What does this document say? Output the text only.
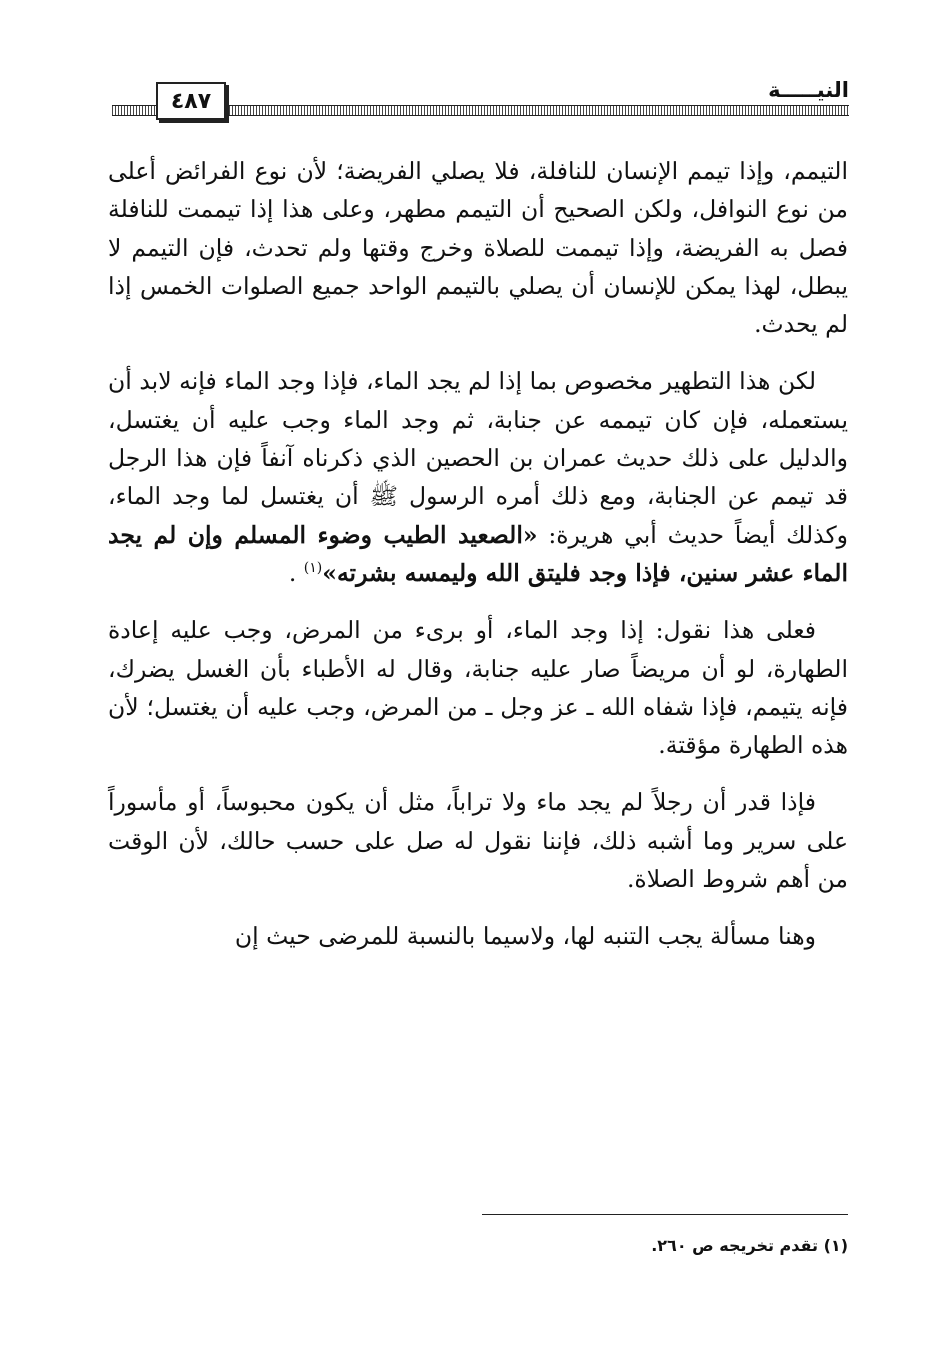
٤٨٧	النيـــــة

التيمم، وإذا تيمم الإنسان للنافلة، فلا يصلي الفريضة؛ لأن نوع الفرائض أعلى من نوع النوافل، ولكن الصحيح أن التيمم مطهر، وعلى هذا إذا تيممت للنافلة فصل به الفريضة، وإذا تيممت للصلاة وخرج وقتها ولم تحدث، فإن التيمم لا يبطل، لهذا يمكن للإنسان أن يصلي بالتيمم الواحد جميع الصلوات الخمس إذا لم يحدث.

لكن هذا التطهير مخصوص بما إذا لم يجد الماء، فإذا وجد الماء فإنه لابد أن يستعمله، فإن كان تيممه عن جنابة، ثم وجد الماء وجب عليه أن يغتسل، والدليل على ذلك حديث عمران بن الحصين الذي ذكرناه آنفاً فإن هذا الرجل قد تيمم عن الجنابة، ومع ذلك أمره الرسول ﷺ أن يغتسل لما وجد الماء، وكذلك أيضاً حديث أبي هريرة: «الصعيد الطيب وضوء المسلم وإن لم يجد الماء عشر سنين، فإذا وجد فليتق الله وليمسه بشرته»$^{(١)}$ .

فعلى هذا نقول: إذا وجد الماء، أو برىء من المرض، وجب عليه إعادة الطهارة، لو أن مريضاً صار عليه جنابة، وقال له الأطباء بأن الغسل يضرك، فإنه يتيمم، فإذا شفاه الله ـ عز وجل ـ من المرض، وجب عليه أن يغتسل؛ لأن هذه الطهارة مؤقتة.

فإذا قدر أن رجلاً لم يجد ماء ولا تراباً، مثل أن يكون محبوساً، أو مأسوراً على سرير وما أشبه ذلك، فإننا نقول له صل على حسب حالك، لأن الوقت من أهم شروط الصلاة.

وهنا مسألة يجب التنبه لها، ولاسيما بالنسبة للمرضى حيث إن

(١) تقدم تخريجه ص ٢٦٠.
